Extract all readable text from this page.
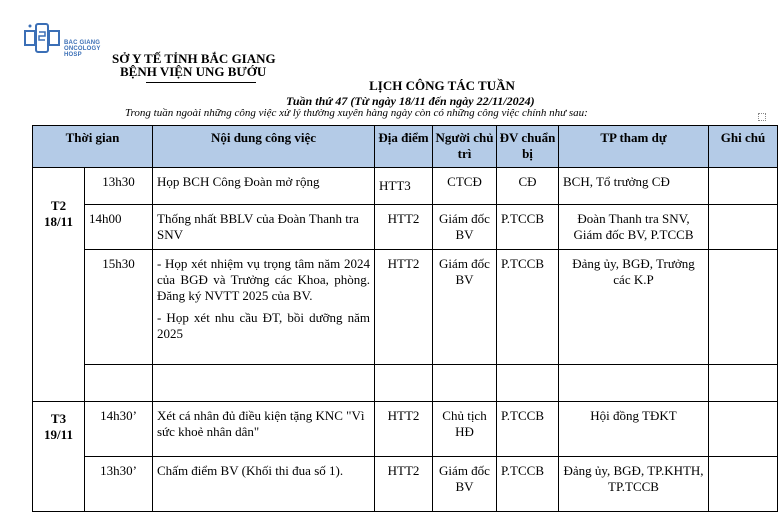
BAC GIANG
ONCOLOGY HOSP	SỞ Y TẾ TỈNH BẮC GIANG
BỆNH VIỆN UNG BƯỚU
LỊCH CÔNG TÁC TUẦN
Tuần thứ 47 (Từ ngày 18/11 đến ngày 22/11/2024)
Trong tuần ngoài những công việc xử lý thường xuyên hàng ngày còn có những công việc chính như sau:
Thời gian		Nội dung công việc	Địa điểm	Người chủ trì	ĐV chuẩn bị	TP tham dự	Ghi chú

T2
18/11	13h30	Họp BCH Công Đoàn mở rộng	HTT3	CTCĐ	CĐ	BCH, Tổ trưởng CĐ	
	14h00	Thống nhất BBLV của Đoàn Thanh tra SNV	HTT2	Giám đốc BV	P.TCCB	Đoàn Thanh tra SNV, Giám đốc BV, P.TCCB	
	15h30	- Họp xét nhiệm vụ trọng tâm năm 2024 của BGĐ và Trưởng các Khoa, phòng. Đăng ký NVTT 2025 của BV.
- Họp xét nhu cầu ĐT, bồi dưỡng năm 2025	HTT2	Giám đốc BV	P.TCCB	Đảng ủy, BGĐ, Trưởng các K.P	

T3
19/11	14h30’	Xét cá nhân đủ điều kiện tặng KNC "Vì sức khoẻ nhân dân"	HTT2	Chủ tịch HĐ	P.TCCB	Hội đồng TĐKT	
	13h30’	Chấm điểm BV (Khối thi đua số 1).	HTT2	Giám đốc BV	P.TCCB	Đảng ủy, BGĐ, TP.KHTH, TP.TCCB	
